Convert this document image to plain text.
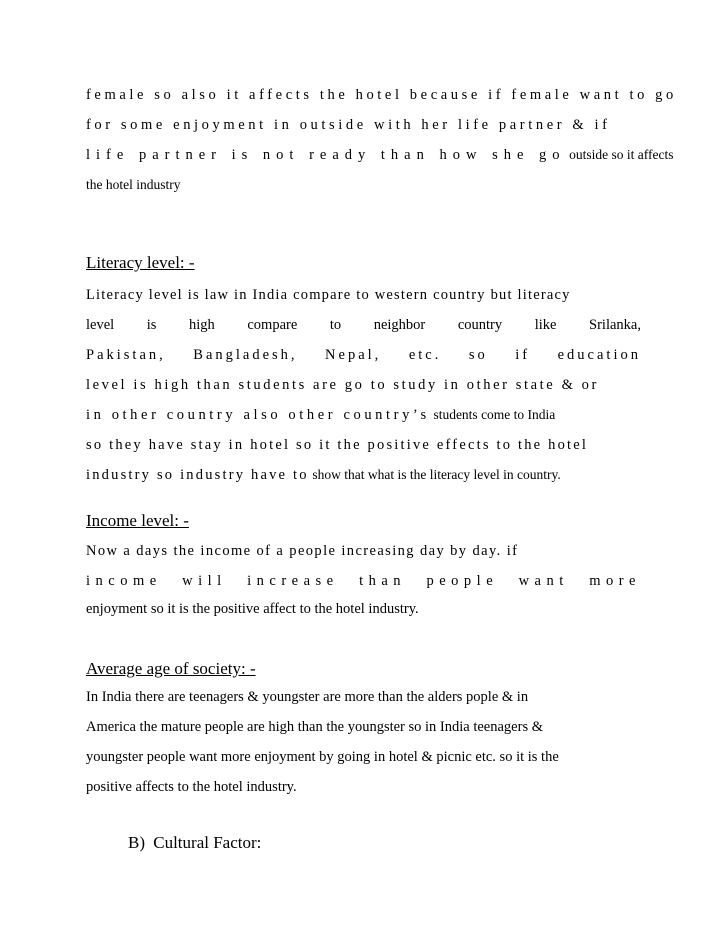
female so also it affects the hotel because if female want to go
for some enjoyment in outside with her life partner & if
life partner is not ready than how she go outside so it affects
the hotel industry
Literacy level: -
Literacy level is law in India compare to western country but literacy
level is high compare to neighbor country like Srilanka,
Pakistan, Bangladesh, Nepal, etc. so if education
level is high than students are go to study in other state & or
in other country also other country’s students come to India
so they have stay in hotel so it the positive effects to the hotel
industry so industry have to show that what is the literacy level in country.
Income level: -
Now a days the income of a people increasing day by day. if
income will increase than people want more
enjoyment so it is the positive affect to the hotel industry.
Average age of society: -
In India there are teenagers & youngster are more than the alders pople & in
America the mature people are high than the youngster so in India teenagers &
youngster people want more enjoyment by going in hotel & picnic etc. so it is the
positive affects to the hotel industry.
B) Cultural Factor:
